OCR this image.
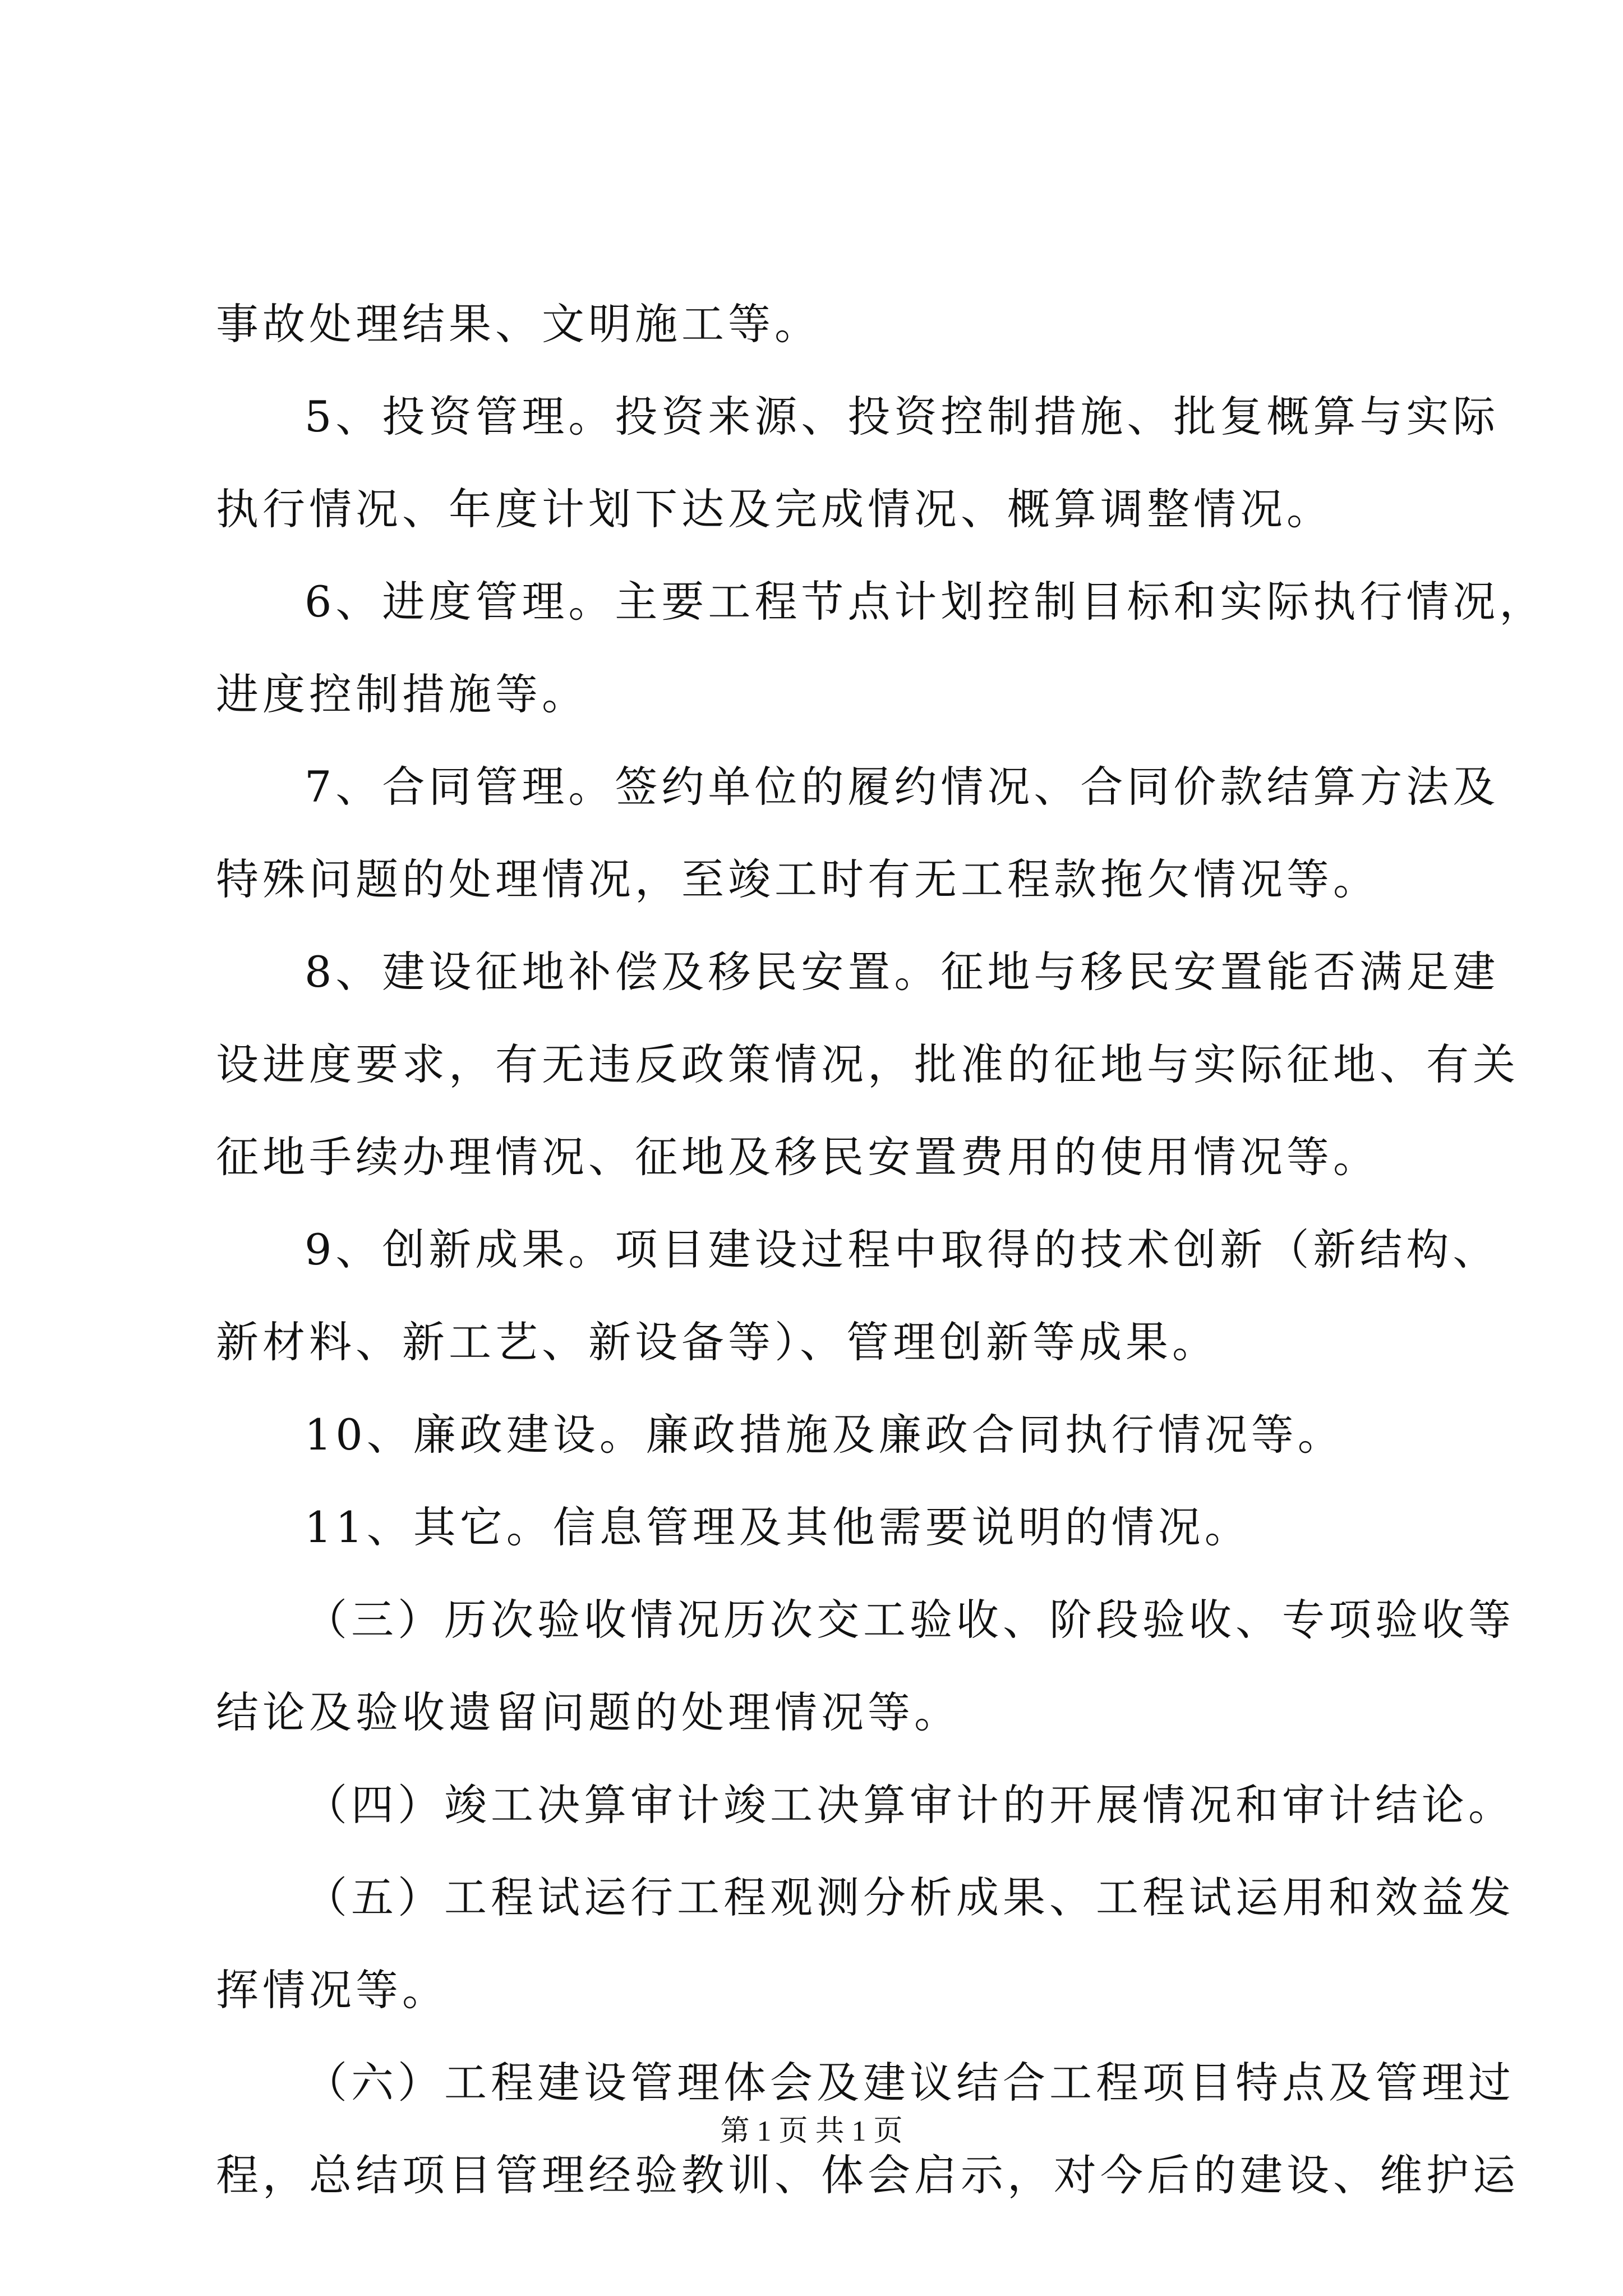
事故处理结果、文明施工等。
5、投资管理。投资来源、投资控制措施、批复概算与实际
执行情况、年度计划下达及完成情况、概算调整情况。
6、进度管理。主要工程节点计划控制目标和实际执行情况，
进度控制措施等。
7、合同管理。签约单位的履约情况、合同价款结算方法及
特殊问题的处理情况，至竣工时有无工程款拖欠情况等。
8、建设征地补偿及移民安置。征地与移民安置能否满足建
设进度要求，有无违反政策情况，批准的征地与实际征地、有关
征地手续办理情况、征地及移民安置费用的使用情况等。
9、创新成果。项目建设过程中取得的技术创新（新结构、
新材料、新工艺、新设备等）、管理创新等成果。
10、廉政建设。廉政措施及廉政合同执行情况等。
11、其它。信息管理及其他需要说明的情况。
（三）历次验收情况历次交工验收、阶段验收、专项验收等
结论及验收遗留问题的处理情况等。
（四）竣工决算审计竣工决算审计的开展情况和审计结论。
（五）工程试运行工程观测分析成果、工程试运用和效益发
挥情况等。
（六）工程建设管理体会及建议结合工程项目特点及管理过
程，总结项目管理经验教训、体会启示，对今后的建设、维护运
第 1 页 共 1 页
